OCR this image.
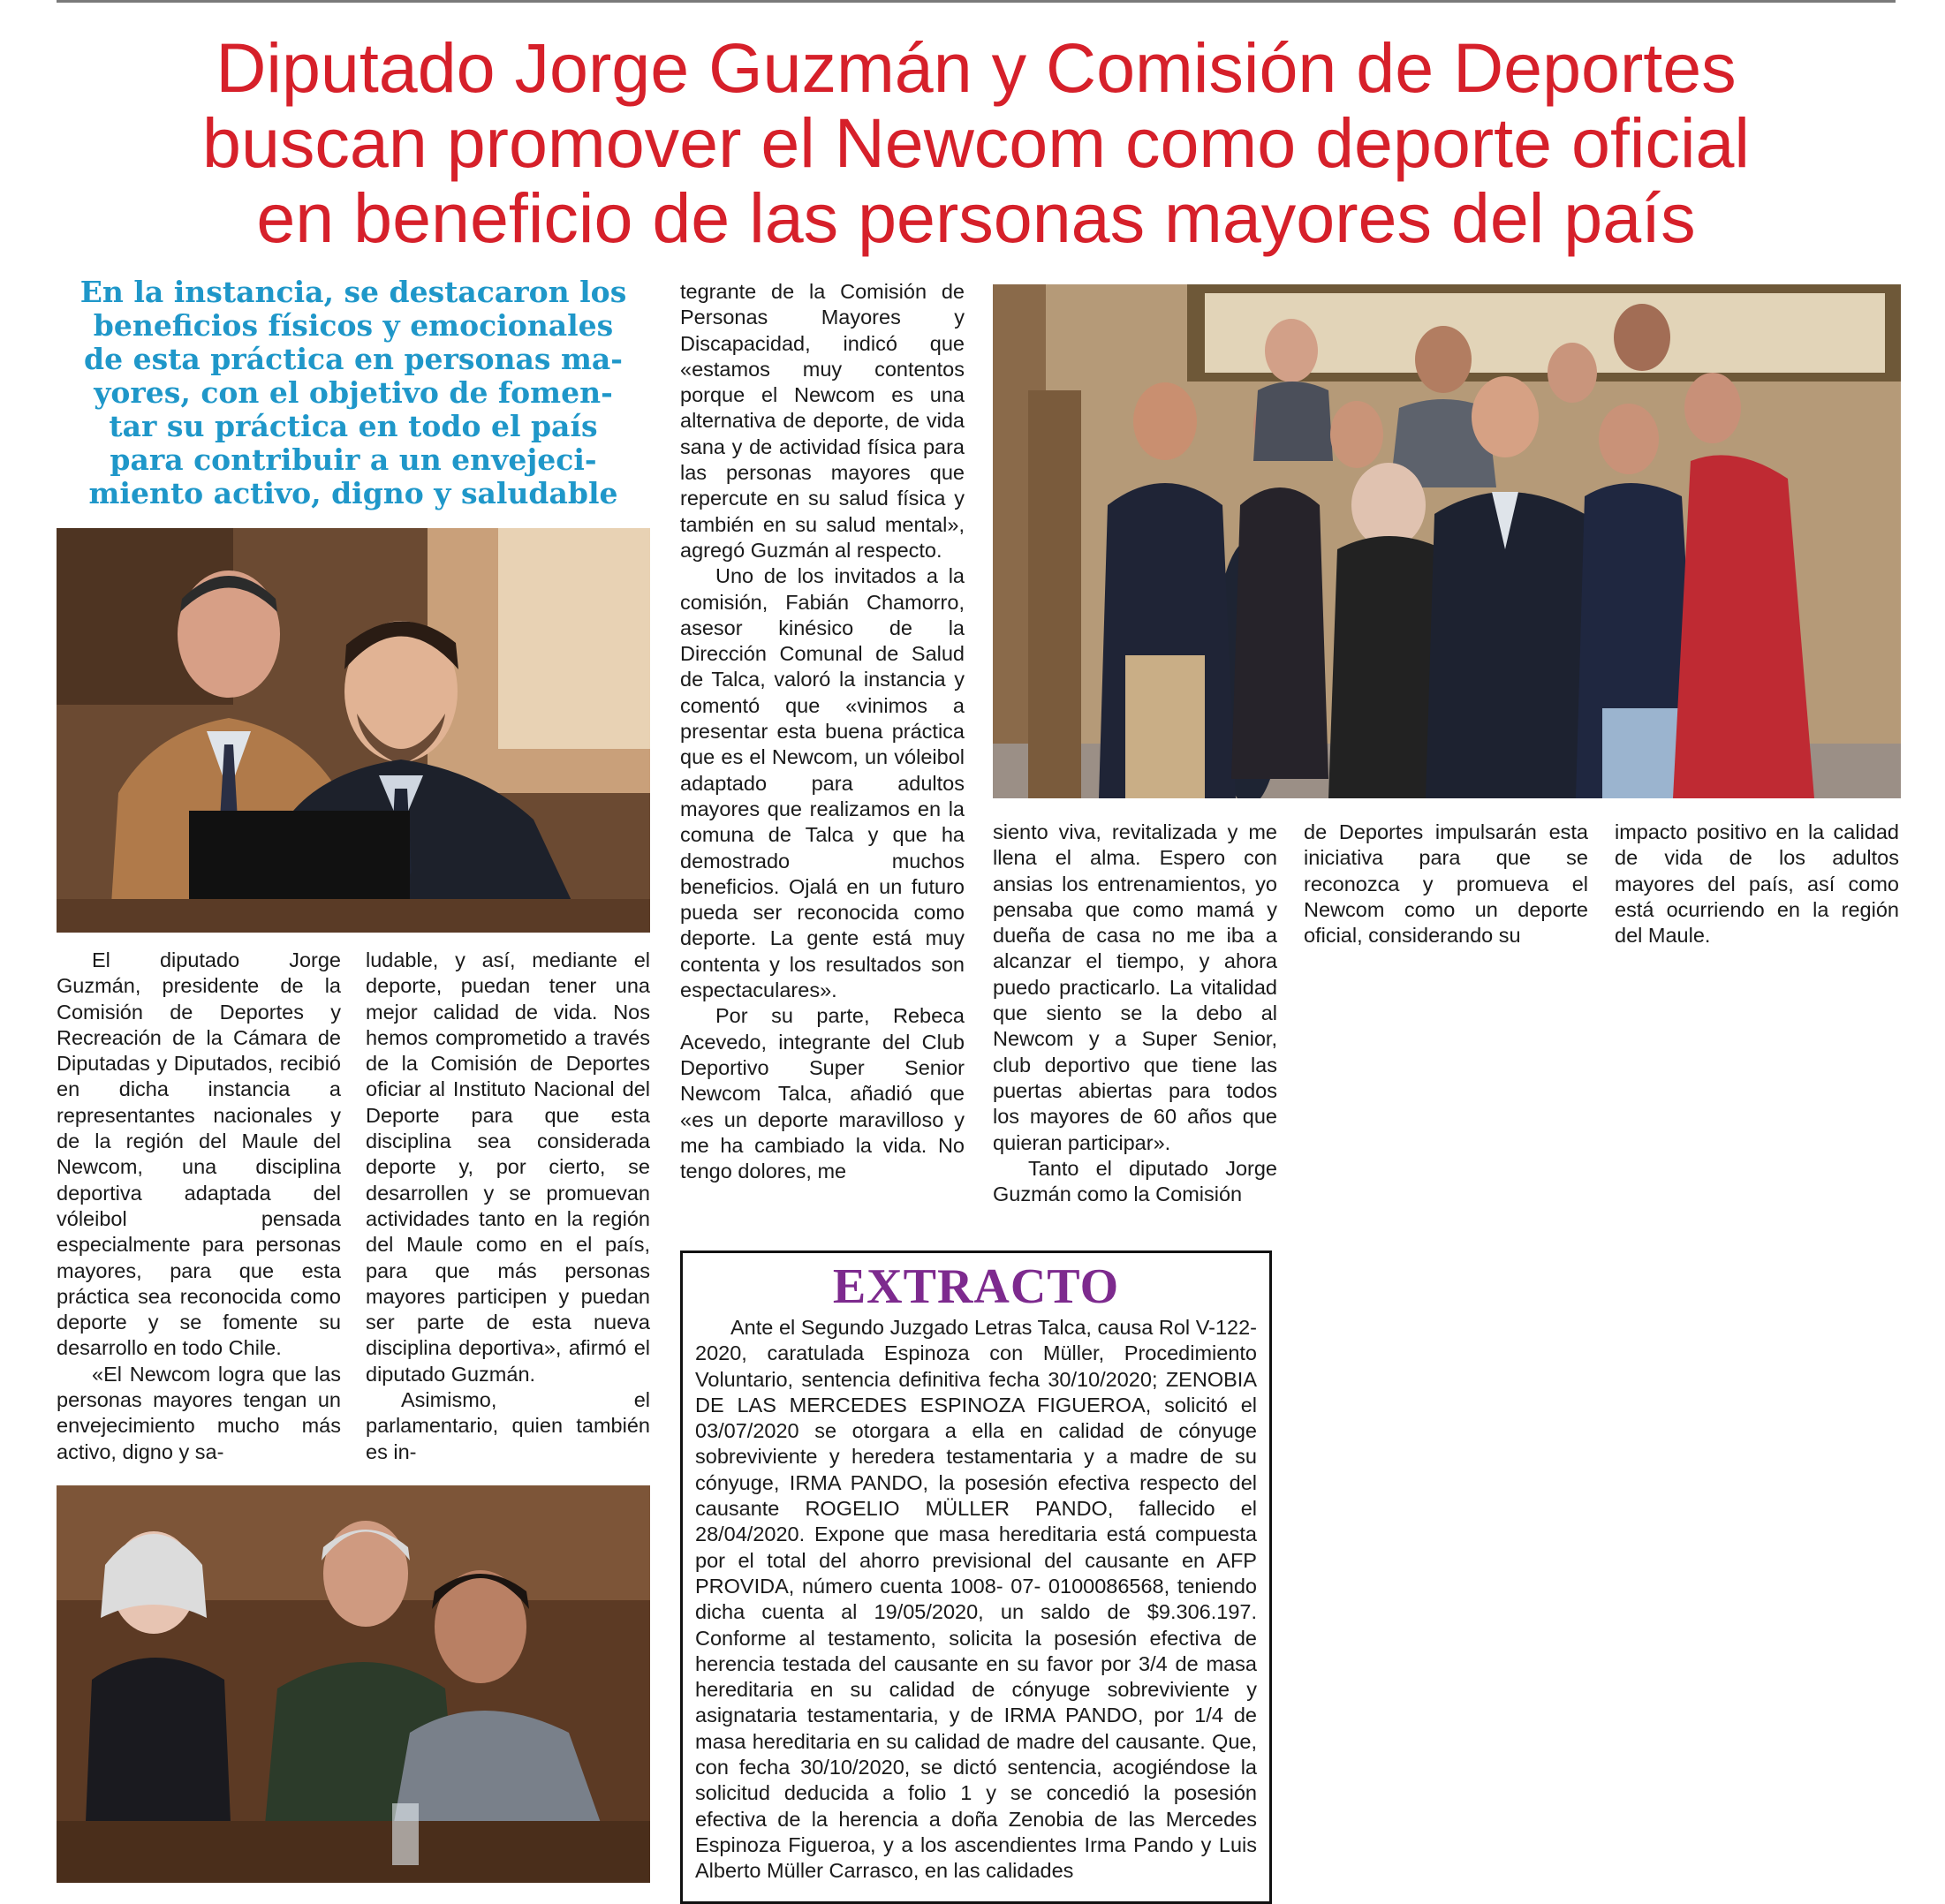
Diputado Jorge Guzmán y Comisión de Deportes
buscan promover el Newcom como deporte oficial
en beneficio de las personas mayores del país
En la instancia, se destacaron los
beneficios físicos y emocionales
de esta práctica en personas ma-
yores, con el objetivo de fomen-
tar su práctica en todo el país
para contribuir a un envejeci-
miento activo, digno y saludable

El diputado Jorge Guzmán, presidente de la Comisión de Deportes y Recreación de la Cámara de Diputadas y Diputados, recibió en dicha instancia a representantes nacionales y de la región del Maule del Newcom, una disciplina deportiva adaptada del vóleibol pensada especialmente para personas mayores, para que esta práctica sea reconocida como deporte y se fomente su desarrollo en todo Chile.

«El Newcom logra que las personas mayores tengan un envejecimiento mucho más activo, digno y sa-

ludable, y así, mediante el deporte, puedan tener una mejor calidad de vida. Nos hemos comprometido a través de la Comisión de Deportes oficiar al Instituto Nacional del Deporte para que esta disciplina sea considerada deporte y, por cierto, se desarrollen y se promuevan actividades tanto en la región del Maule como en el país, para que más personas mayores participen y puedan ser parte de esta nueva disciplina deportiva», afirmó el diputado Guzmán.

Asimismo, el parlamentario, quien también es in-

tegrante de la Comisión de Personas Mayores y Discapacidad, indicó que «estamos muy contentos porque el Newcom es una alternativa de deporte, de vida sana y de actividad física para las personas mayores que repercute en su salud física y también en su salud mental», agregó Guzmán al respecto.

Uno de los invitados a la comisión, Fabián Chamorro, asesor kinésico de la Dirección Comunal de Salud de Talca, valoró la instancia y comentó que «vinimos a presentar esta buena práctica que es el Newcom, un vóleibol adaptado para adultos mayores que realizamos en la comuna de Talca y que ha demostrado muchos beneficios. Ojalá en un futuro pueda ser reconocida como deporte. La gente está muy contenta y los resultados son espectaculares».

Por su parte, Rebeca Acevedo, integrante del Club Deportivo Super Senior Newcom Talca, añadió que «es un deporte maravilloso y me ha cambiado la vida. No tengo dolores, me

siento viva, revitalizada y me llena el alma. Espero con ansias los entrenamientos, yo pensaba que como mamá y dueña de casa no me iba a alcanzar el tiempo, y ahora puedo practicarlo. La vitalidad que siento se la debo al Newcom y a Super Senior, club deportivo que tiene las puertas abiertas para todos los mayores de 60 años que quieran participar».

Tanto el diputado Jorge Guzmán como la Comisión

de Deportes impulsarán esta iniciativa para que se reconozca y promueva el Newcom como un deporte oficial, considerando su

impacto positivo en la calidad de vida de los adultos mayores del país, así como está ocurriendo en la región del Maule.

EXTRACTO

Ante el Segundo Juzgado Letras Talca, causa Rol V-122-2020, caratulada Espinoza con Müller, Procedimiento Voluntario, sentencia definitiva fecha 30/10/2020; ZENOBIA DE LAS MERCEDES ESPINOZA FIGUEROA, solicitó el 03/07/2020 se otorgara a ella en calidad de cónyuge sobreviviente y heredera testamentaria y a madre de su cónyuge, IRMA PANDO, la posesión efectiva respecto del causante ROGELIO MÜLLER PANDO, fallecido el 28/04/2020. Expone que masa hereditaria está compuesta por el total del ahorro previsional del causante en AFP PROVIDA, número cuenta 1008- 07- 0100086568, teniendo dicha cuenta al 19/05/2020, un saldo de $9.306.197. Conforme al testamento, solicita la posesión efectiva de herencia testada del causante en su favor por 3/4 de masa hereditaria en su calidad de cónyuge sobreviviente y asignataria testamentaria, y de IRMA PANDO, por 1/4 de masa hereditaria en su calidad de madre del causante. Que, con fecha 30/10/2020, se dictó sentencia, acogiéndose la solicitud deducida a folio 1 y se concedió la posesión efectiva de la herencia a doña Zenobia de las Mercedes Espinoza Figueroa, y a los ascendientes Irma Pando y Luis Alberto Müller Carrasco, en las calidades
